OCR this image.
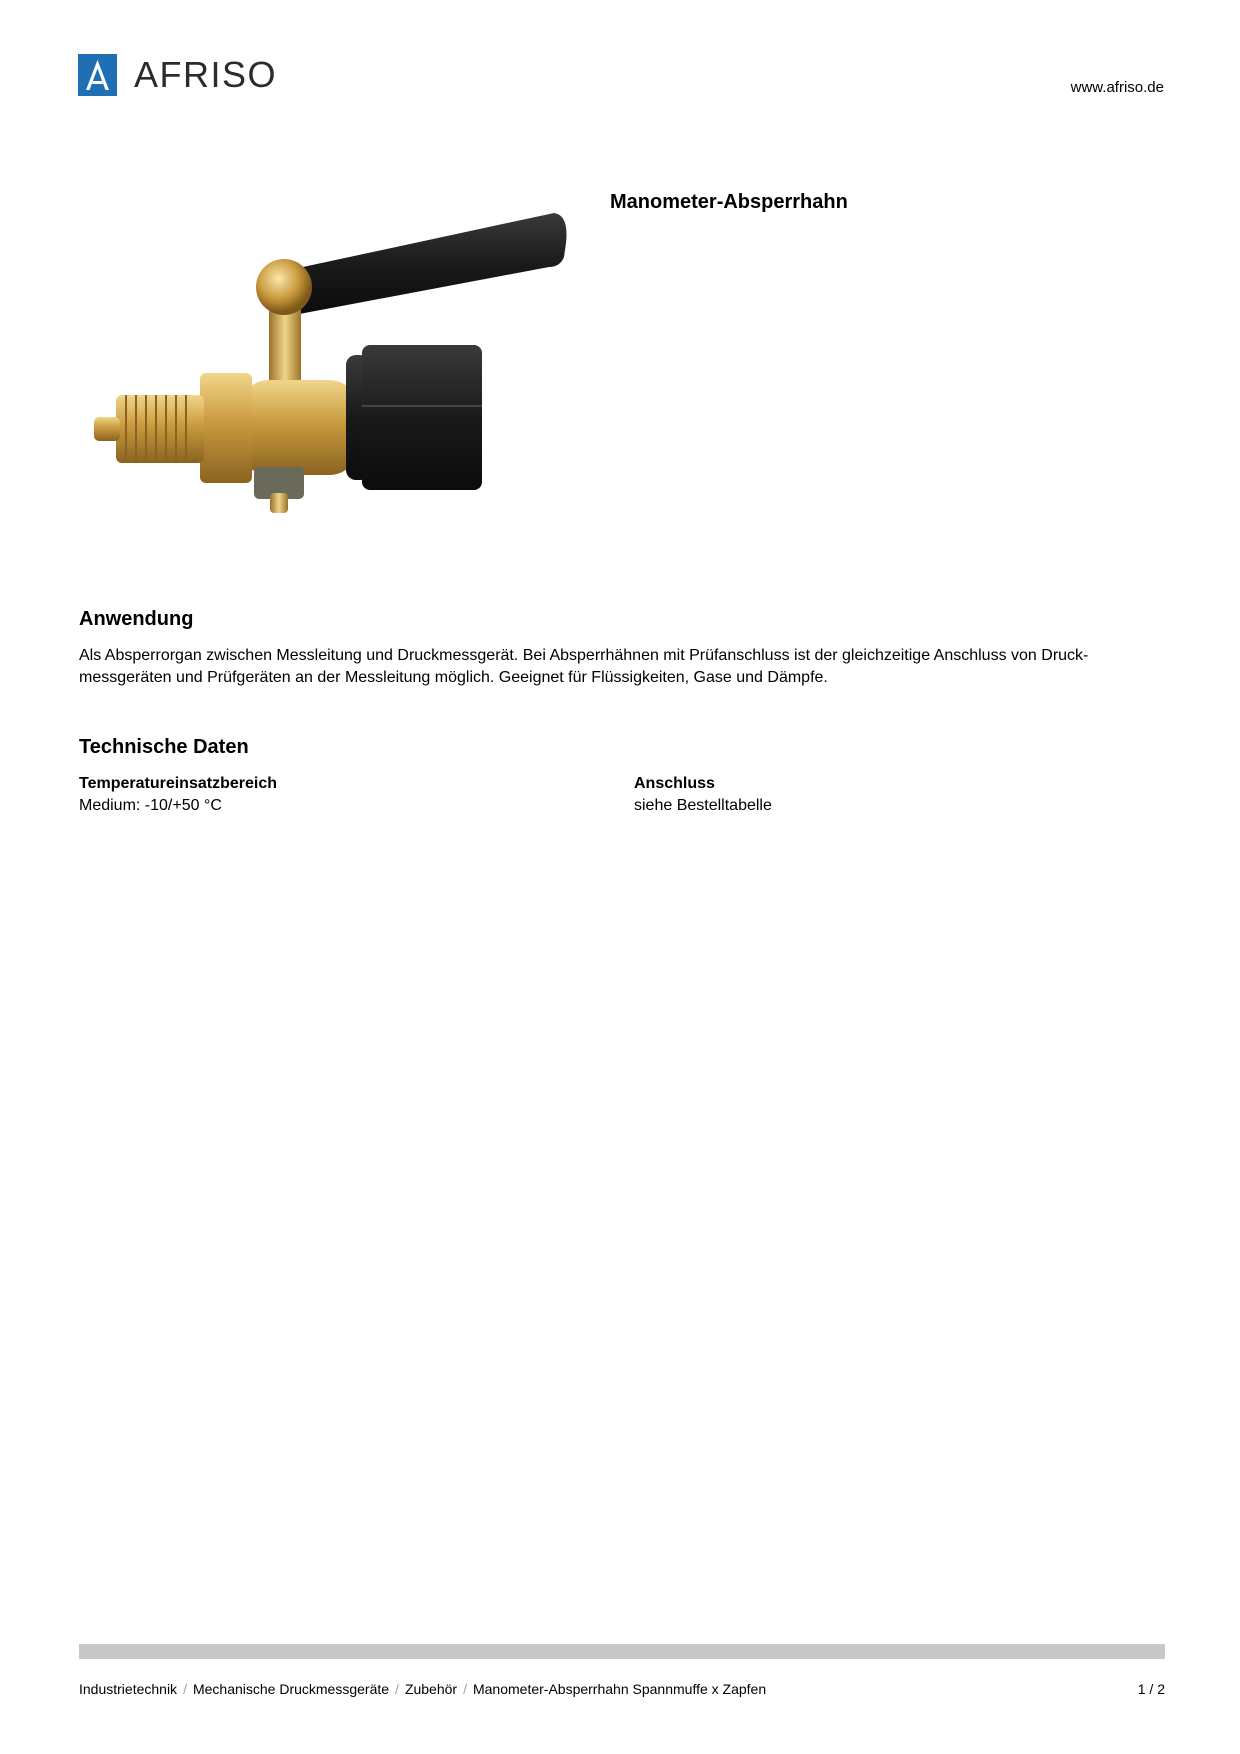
AFRISO	www.afriso.de
Manometer-Absperrhahn
Anwendung
Als Absperrorgan zwischen Messleitung und Druckmessgerät. Bei Absperrhähnen mit Prüfanschluss ist der gleichzeitige Anschluss von Druck-messgeräten und Prüfgeräten an der Messleitung möglich. Geeignet für Flüssigkeiten, Gase und Dämpfe.
Technische Daten
Temperatureinsatzbereich
Medium: -10/+50 °C
Anschluss
siehe Bestelltabelle
Industrietechnik / Mechanische Druckmessgeräte / Zubehör / Manometer-Absperrhahn Spannmuffe x Zapfen	1 / 2
